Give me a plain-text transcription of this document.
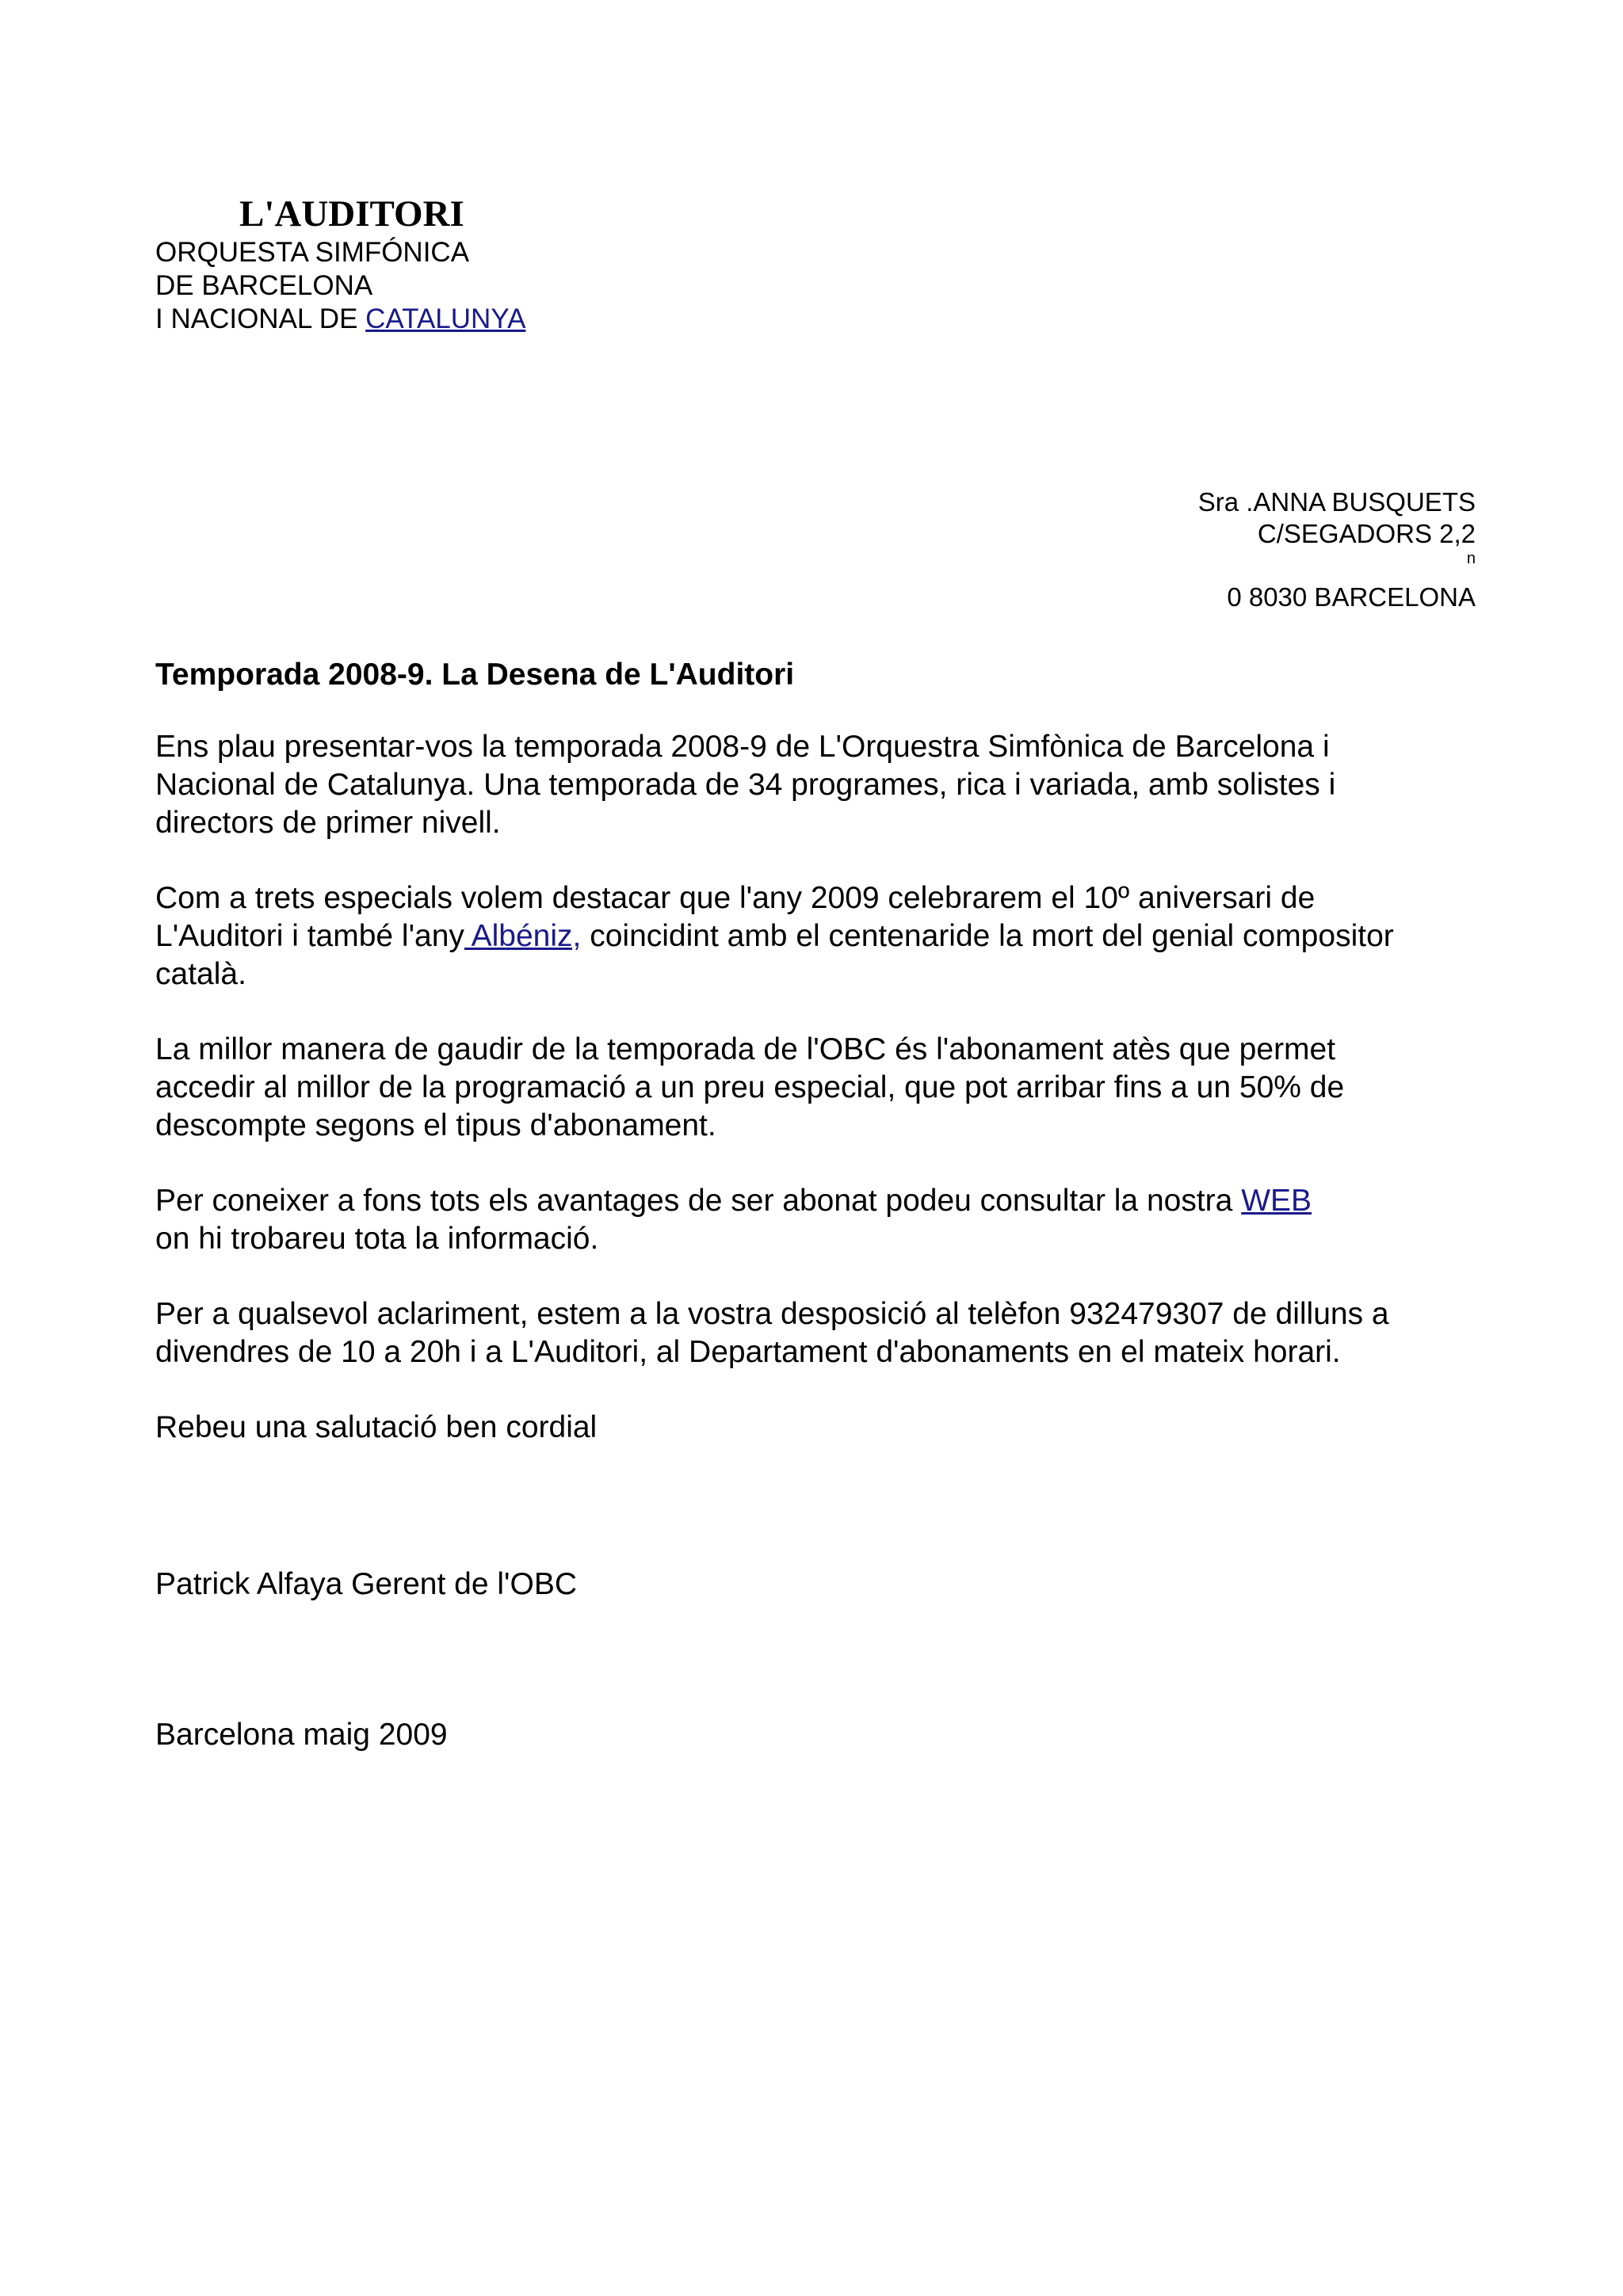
L'AUDITORI
ORQUESTA SIMFÓNICA
DE BARCELONA
I NACIONAL DE CATALUNYA
Sra .ANNA BUSQUETS
C/SEGADORS 2,2
$^n$
0 8030 BARCELONA

Temporada 2008-9. La Desena de L'Auditori

Ens plau presentar-vos la temporada 2008-9 de L'Orquestra Simfònica de Barcelona i
Nacional de Catalunya. Una temporada de 34 programes, rica i variada, amb solistes i
directors de primer nivell.

Com a trets especials volem destacar que l'any 2009 celebrarem el 10º aniversari de
L'Auditori i també l'any Albéniz, coincidint amb el centenaride la mort del genial compositor
català.

La millor manera de gaudir de la temporada de l'OBC és l'abonament atès que permet
accedir al millor de la programació a un preu especial, que pot arribar fins a un 50% de
descompte segons el tipus d'abonament.

Per coneixer a fons tots els avantages de ser abonat podeu consultar la nostra WEB
on hi trobareu tota la informació.

Per a qualsevol aclariment, estem a la vostra desposició al telèfon 932479307 de dilluns a
divendres de 10 a 20h i a L'Auditori, al Departament d'abonaments en el mateix horari.

Rebeu una salutació ben cordial

Patrick Alfaya Gerent de l'OBC
Barcelona maig 2009
